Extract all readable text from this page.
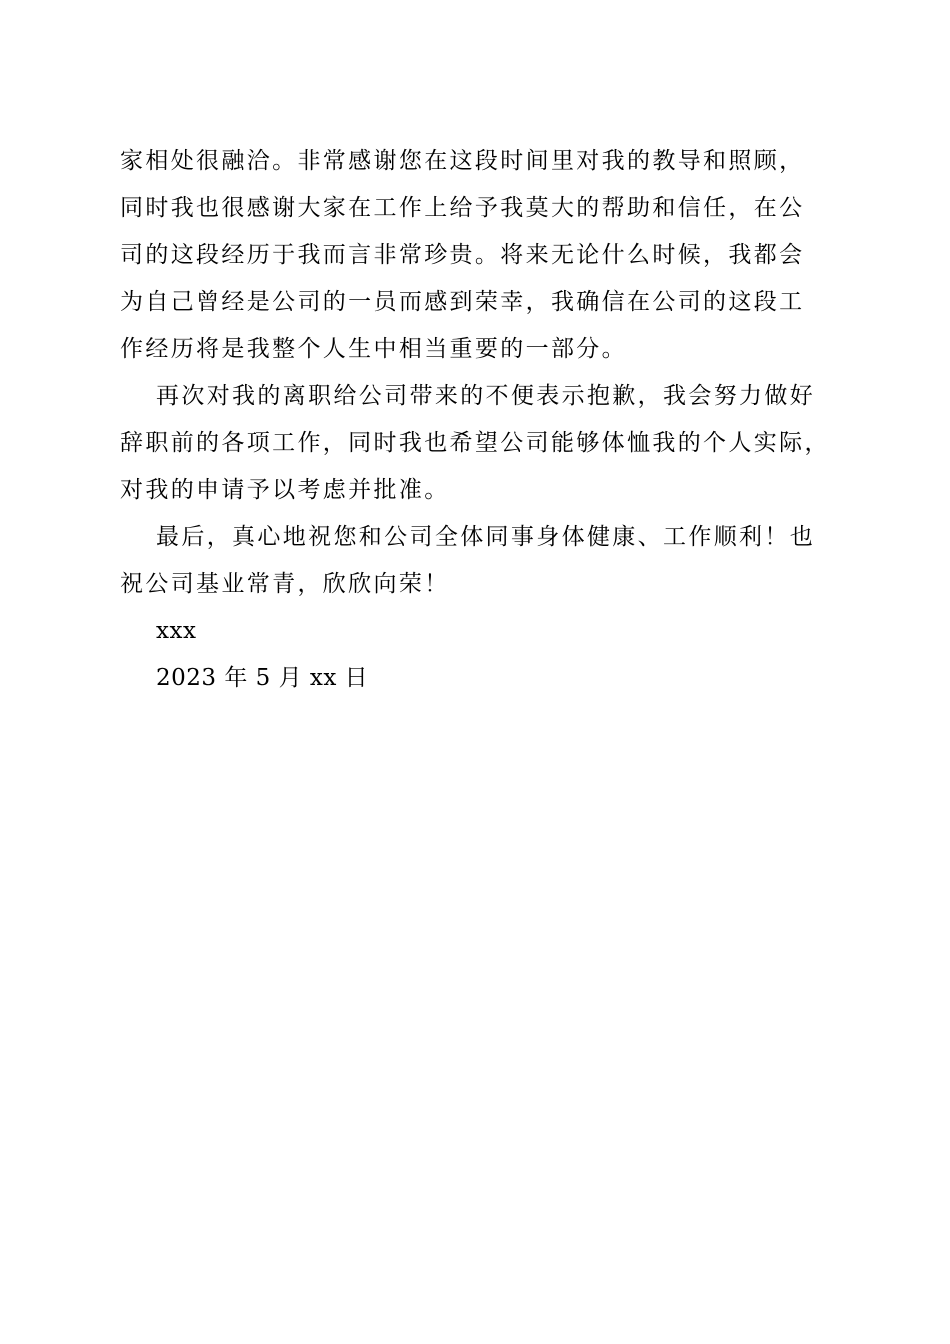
家相处很融洽。非常感谢您在这段时间里对我的教导和照顾，
同时我也很感谢大家在工作上给予我莫大的帮助和信任，在公
司的这段经历于我而言非常珍贵。将来无论什么时候，我都会
为自己曾经是公司的一员而感到荣幸，我确信在公司的这段工
作经历将是我整个人生中相当重要的一部分。
再次对我的离职给公司带来的不便表示抱歉，我会努力做好
辞职前的各项工作，同时我也希望公司能够体恤我的个人实际，
对我的申请予以考虑并批准。
最后，真心地祝您和公司全体同事身体健康、工作顺利！也
祝公司基业常青，欣欣向荣！
xxx
2023 年 5 月 xx 日
